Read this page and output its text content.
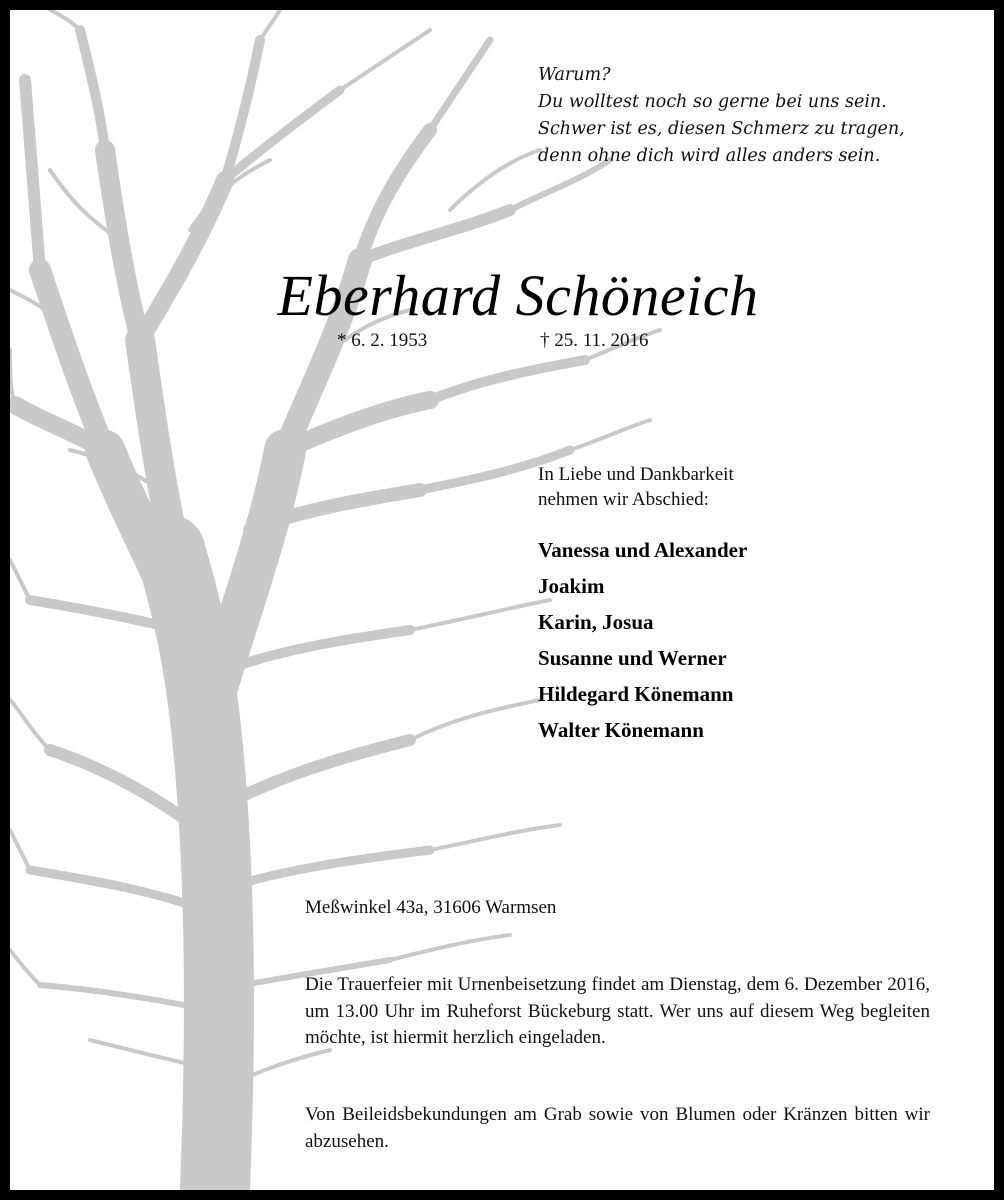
Warum?
Du wolltest noch so gerne bei uns sein.
Schwer ist es, diesen Schmerz zu tragen,
denn ohne dich wird alles anders sein.
Eberhard Schöneich
* 6. 2. 1953	† 25. 11. 2016
In Liebe und Dankbarkeit
nehmen wir Abschied:
Vanessa und Alexander
Joakim
Karin, Josua
Susanne und Werner
Hildegard Könemann
Walter Könemann
Meßwinkel 43a, 31606 Warmsen
Die Trauerfeier mit Urnenbeisetzung findet am Dienstag, dem 6. Dezember 2016, um 13.00 Uhr im Ruheforst Bückeburg statt. Wer uns auf diesem Weg begleiten möchte, ist hiermit herzlich eingeladen.
Von Beileidsbekundungen am Grab sowie von Blumen oder Kränzen bitten wir abzusehen.
